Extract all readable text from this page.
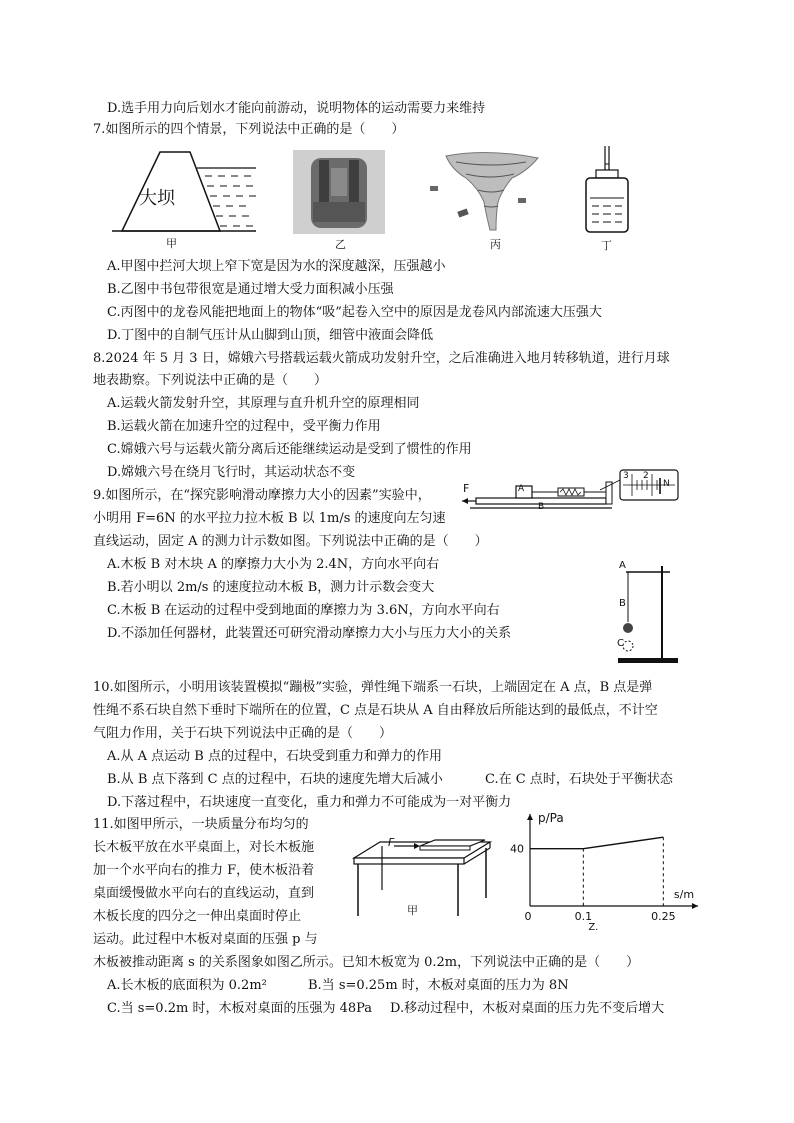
D.选手用力向后划水才能向前游动，说明物体的运动需要力来维持
7.如图所示的四个情景，下列说法中正确的是（　　）
大坝
甲	乙	丙	丁
A.甲图中拦河大坝上窄下宽是因为水的深度越深，压强越小
B.乙图中书包带很宽是通过增大受力面积减小压强
C.丙图中的龙卷风能把地面上的物体“吸”起卷入空中的原因是龙卷风内部流速大压强大
D.丁图中的自制气压计从山脚到山顶，细管中液面会降低
8.2024 年 5 月 3 日，嫦娥六号搭载运载火箭成功发射升空，之后准确进入地月转移轨道，进行月球
地表勘察。下列说法中正确的是（　　）
A.运载火箭发射升空，其原理与直升机升空的原理相同
B.运载火箭在加速升空的过程中，受平衡力作用
C.嫦娥六号与运载火箭分离后还能继续运动是受到了惯性的作用
D.嫦娥六号在绕月飞行时，其运动状态不变
9.如图所示，在“探究影响滑动摩擦力大小的因素”实验中，
小明用 F=6N 的水平拉力拉木板 B 以 1m/s 的速度向左匀速
直线运动，固定 A 的测力计示数如图。下列说法中正确的是（　　）
F	A
B
3 2
N
A.木板 B 对木块 A 的摩擦力大小为 2.4N，方向水平向右
B.若小明以 2m/s 的速度拉动木板 B，测力计示数会变大
C.木板 B 在运动的过程中受到地面的摩擦力为 3.6N，方向水平向右
D.不添加任何器材，此装置还可研究滑动摩擦力大小与压力大小的关系
A
B
C
10.如图所示，小明用该装置模拟“蹦极”实验，弹性绳下端系一石块，上端固定在 A 点，B 点是弹
性绳不系石块自然下垂时下端所在的位置，C 点是石块从 A 自由释放后所能达到的最低点，不计空
气阻力作用，关于石块下列说法中正确的是（　　）
A.从 A 点运动 B 点的过程中，石块受到重力和弹力的作用
B.从 B 点下落到 C 点的过程中，石块的速度先增大后减小	C.在 C 点时，石块处于平衡状态
D.下落过程中，石块速度一直变化，重力和弹力不可能成为一对平衡力
11.如图甲所示，一块质量分布均匀的
长木板平放在水平桌面上，对长木板施
加一个水平向右的推力 F，使木板沿着
桌面缓慢做水平向右的直线运动，直到
木板长度的四分之一伸出桌面时停止
运动。此过程中木板对桌面的压强 p 与
木板被推动距离 s 的关系图象如图乙所示。已知木板宽为 0.2m，下列说法中正确的是（　　）
A.长木板的底面积为 0.2m²	B.当 s=0.25m 时，木板对桌面的压力为 8N
C.当 s=0.2m 时，木板对桌面的压强为 48Pa D.移动过程中，木板对桌面的压力先不变后增大
F
甲
p/Pa
s/m
0	0.1	0.25
40
Z.
